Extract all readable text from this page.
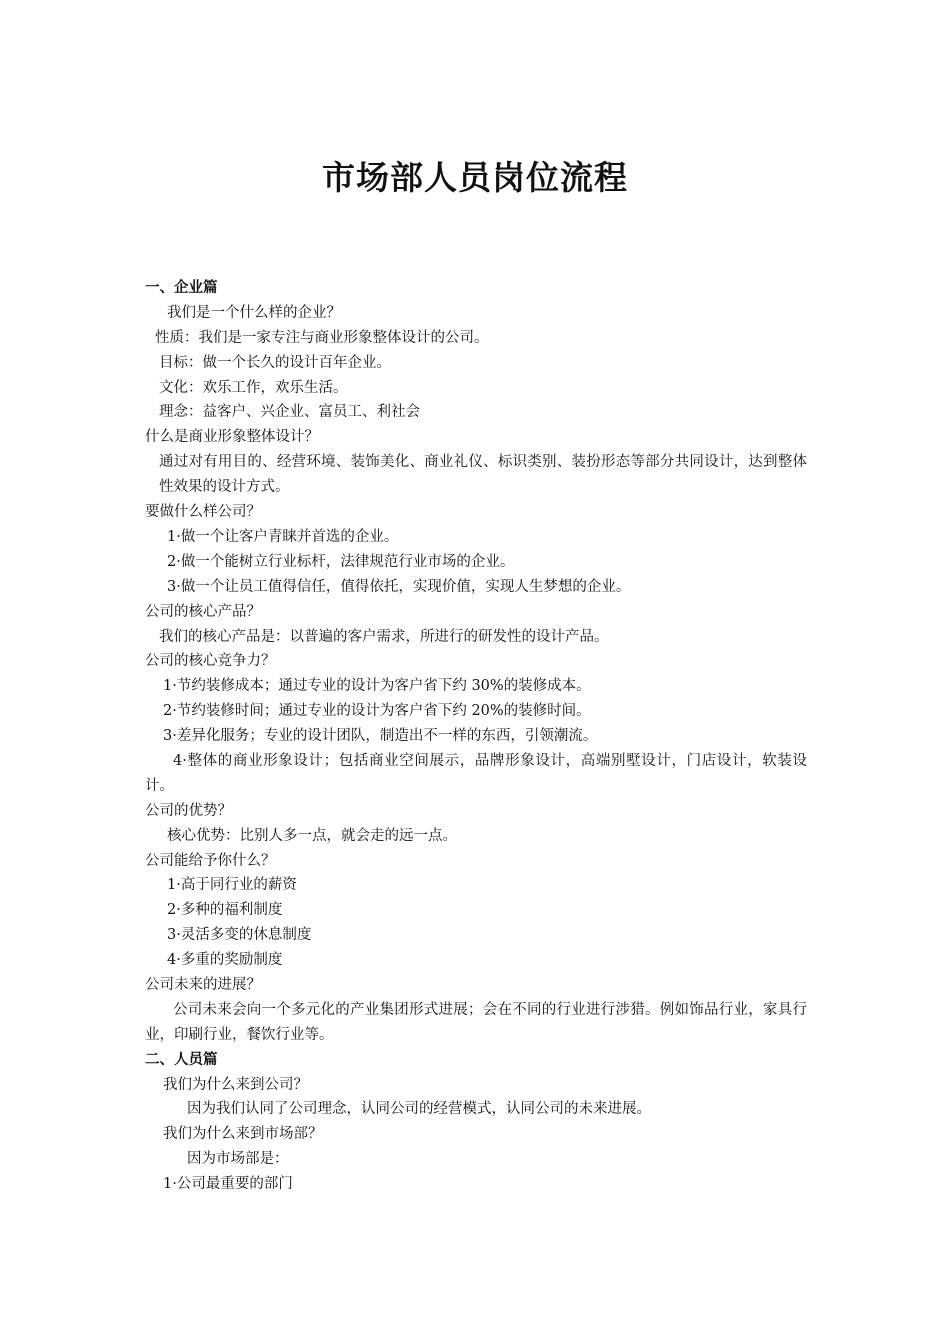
市场部人员岗位流程
一、企业篇
我们是一个什么样的企业？
性质：我们是一家专注与商业形象整体设计的公司。
目标：做一个长久的设计百年企业。
文化：欢乐工作，欢乐生活。
理念：益客户、兴企业、富员工、利社会
什么是商业形象整体设计？
通过对有用目的、经营环境、装饰美化、商业礼仪、标识类别、装扮形态等部分共同设计，达到整体性效果的设计方式。
要做什么样公司？
1·做一个让客户青睐并首选的企业。
2·做一个能树立行业标杆，法律规范行业市场的企业。
3·做一个让员工值得信任，值得依托，实现价值，实现人生梦想的企业。
公司的核心产品？
我们的核心产品是：以普遍的客户需求，所进行的研发性的设计产品。
公司的核心竞争力？
1·节约装修成本；通过专业的设计为客户省下约 30%的装修成本。
2·节约装修时间；通过专业的设计为客户省下约 20%的装修时间。
3·差异化服务；专业的设计团队，制造出不一样的东西，引领潮流。
4·整体的商业形象设计；包括商业空间展示，品牌形象设计，高端别墅设计，门店设计，软装设计。
公司的优势？
核心优势：比别人多一点，就会走的远一点。
公司能给予你什么？
1·高于同行业的薪资
2·多种的福利制度
3·灵活多变的休息制度
4·多重的奖励制度
公司未来的进展？
公司未来会向一个多元化的产业集团形式进展；会在不同的行业进行涉猎。例如饰品行业，家具行业，印刷行业，餐饮行业等。
二、人员篇
我们为什么来到公司？
因为我们认同了公司理念，认同公司的经营模式，认同公司的未来进展。
我们为什么来到市场部？
因为市场部是：
1·公司最重要的部门
